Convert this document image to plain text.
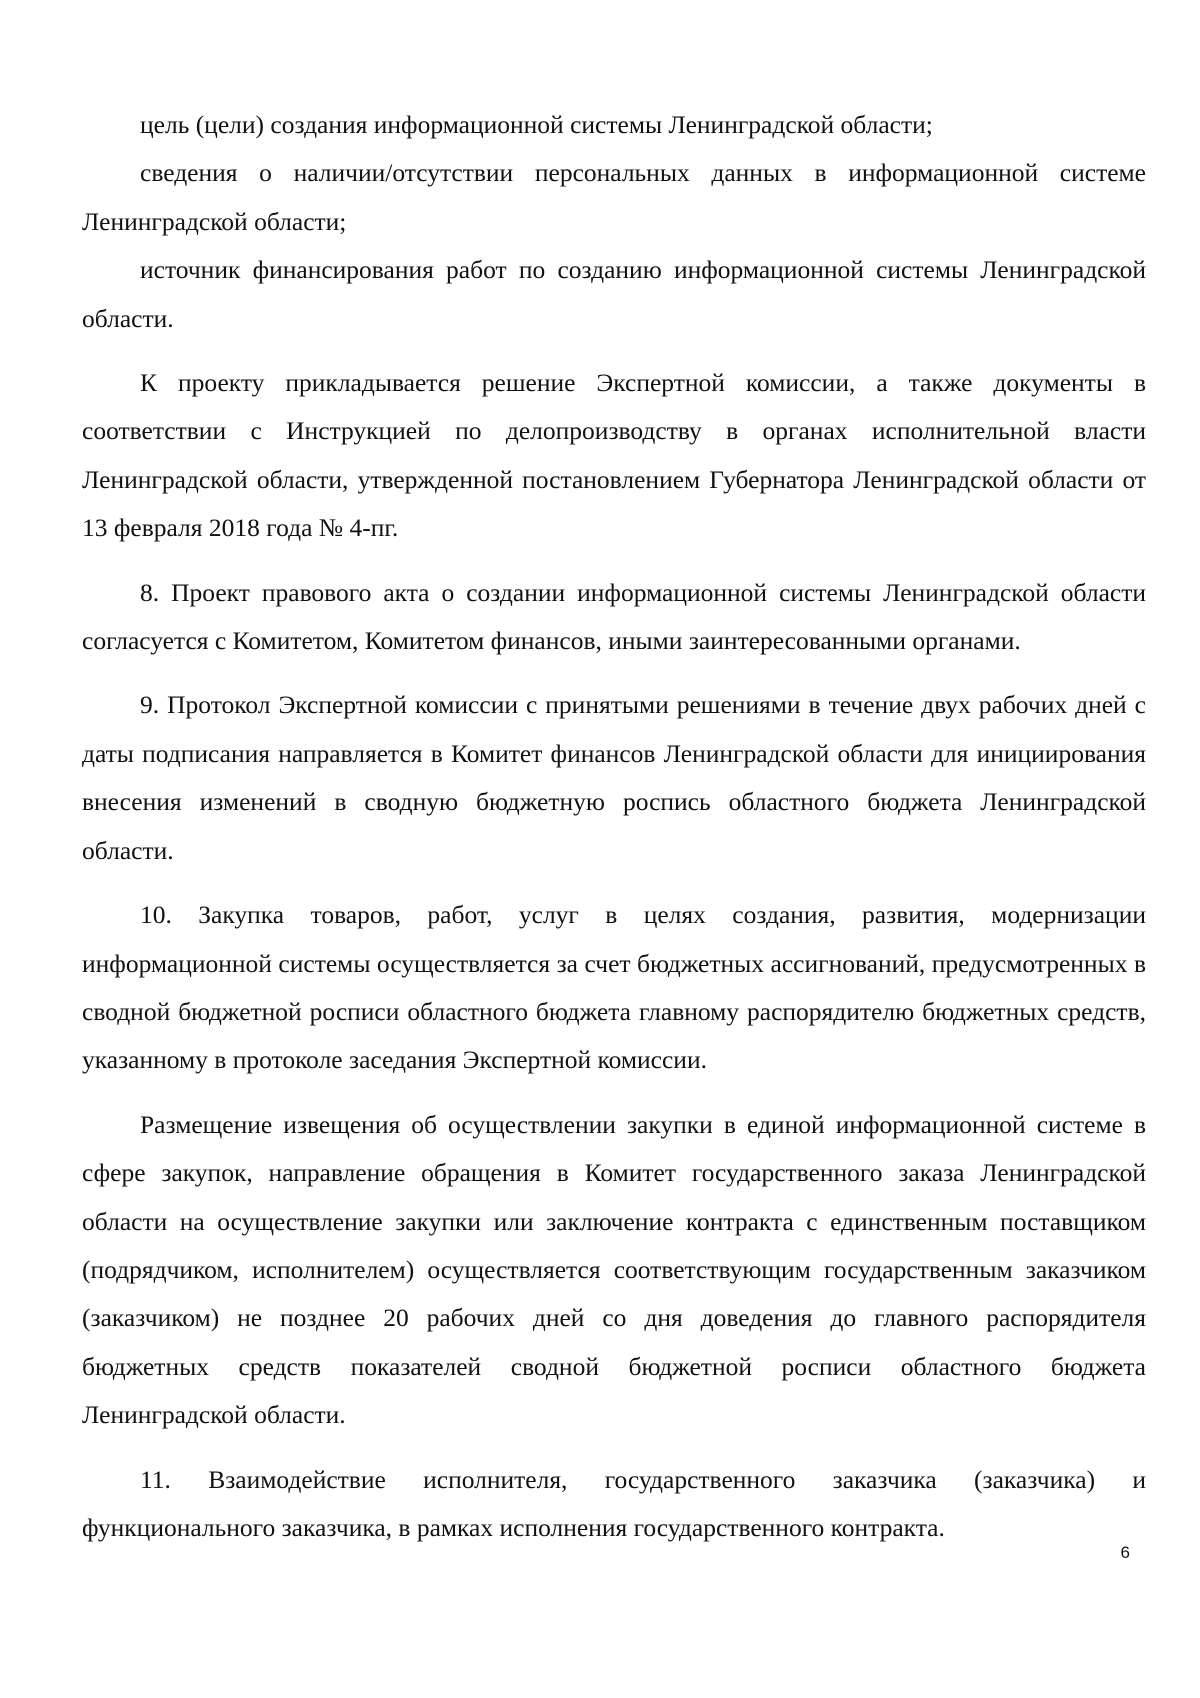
цель (цели) создания информационной системы Ленинградской области;

сведения о наличии/отсутствии персональных данных в информационной системе Ленинградской области;

источник финансирования работ по созданию информационной системы Ленинградской области.

К проекту прикладывается решение Экспертной комиссии, а также документы в соответствии с Инструкцией по делопроизводству в органах исполнительной власти Ленинградской области, утвержденной постановлением Губернатора Ленинградской области от 13 февраля 2018 года № 4-пг.

8. Проект правового акта о создании информационной системы Ленинградской области согласуется с Комитетом, Комитетом финансов, иными заинтересованными органами.

9. Протокол Экспертной комиссии с принятыми решениями в течение двух рабочих дней с даты подписания направляется в Комитет финансов Ленинградской области для инициирования внесения изменений в сводную бюджетную роспись областного бюджета Ленинградской области.

10. Закупка товаров, работ, услуг в целях создания, развития, модернизации информационной системы осуществляется за счет бюджетных ассигнований, предусмотренных в сводной бюджетной росписи областного бюджета главному распорядителю бюджетных средств, указанному в протоколе заседания Экспертной комиссии.

Размещение извещения об осуществлении закупки в единой информационной системе в сфере закупок, направление обращения в Комитет государственного заказа Ленинградской области на осуществление закупки или заключение контракта с единственным поставщиком (подрядчиком, исполнителем) осуществляется соответствующим государственным заказчиком (заказчиком) не позднее 20 рабочих дней со дня доведения до главного распорядителя бюджетных средств показателей сводной бюджетной росписи областного бюджета Ленинградской области.

11. Взаимодействие исполнителя, государственного заказчика (заказчика) и функционального заказчика, в рамках исполнения государственного контракта.

6
